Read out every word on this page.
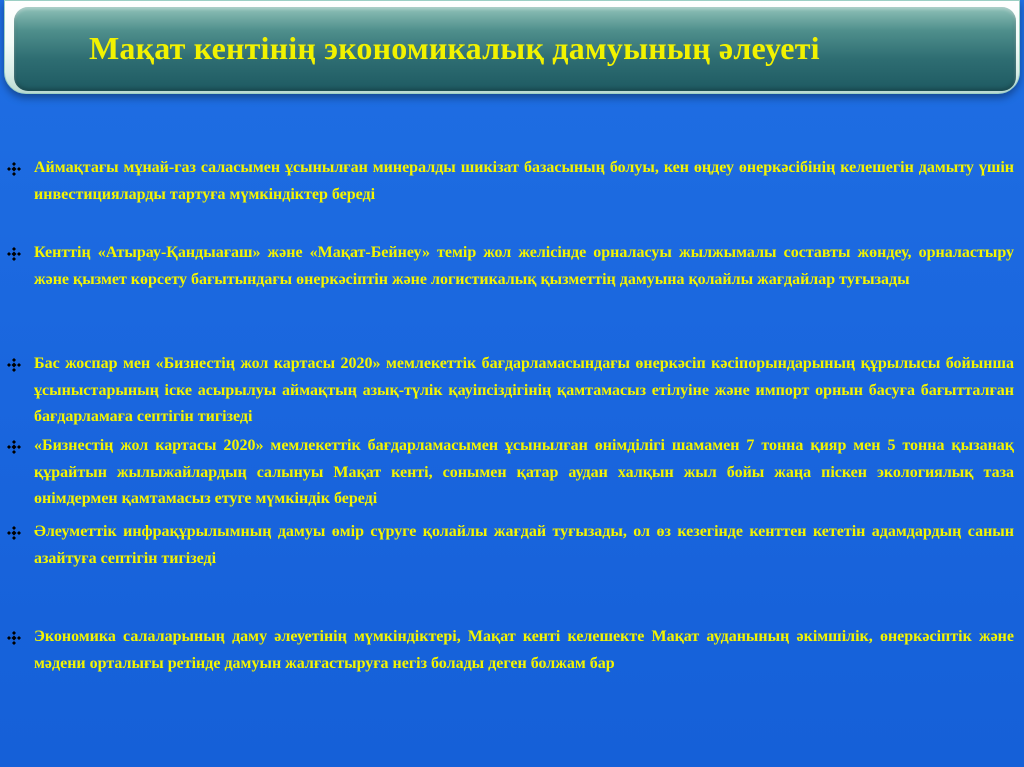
Мақат кентінің экономикалық дамуының әлеуеті

Аймақтағы мұнай-газ саласымен ұсынылған минералды шикізат базасының болуы, кен өңдеу өнеркәсібінің келешегін дамыту үшін инвестицияларды тартуға мүмкіндіктер береді

Кенттің «Атырау-Қандыағаш» және «Мақат-Бейнеу» темір жол желісінде орналасуы жылжымалы составты жөндеу, орналастыру және қызмет көрсету бағытындағы өнеркәсіптін және логистикалық қызметтің дамуына қолайлы жағдайлар туғызады

Бас жоспар мен «Бизнестің жол картасы 2020» мемлекеттік бағдарламасындағы өнеркәсіп кәсіпорындарының құрылысы бойынша ұсыныстарының іске асырылуы аймақтың азық-түлік қауіпсіздігінің қамтамасыз етілуіне және импорт орнын басуға бағытталған бағдарламаға септігін тигізеді

«Бизнестің жол картасы 2020» мемлекеттік бағдарламасымен ұсынылған өнімділігі шамамен 7 тонна қияр мен 5 тонна қызанақ құрайтын жылыжайлардың салынуы Мақат кенті, сонымен қатар аудан халқын жыл бойы жаңа піскен экологиялық таза өнімдермен қамтамасыз етуге мүмкіндік береді

Әлеуметтік инфрақұрылымның дамуы өмір сүруге қолайлы жағдай туғызады, ол өз кезегінде кенттен кететін адамдардың санын азайтуға септігін тигізеді

Экономика салаларының даму әлеуетінің мүмкіндіктері, Мақат кенті келешекте Мақат ауданының әкімшілік, өнеркәсіптік және мәдени орталығы ретінде дамуын жалғастыруға негіз болады деген болжам бар
